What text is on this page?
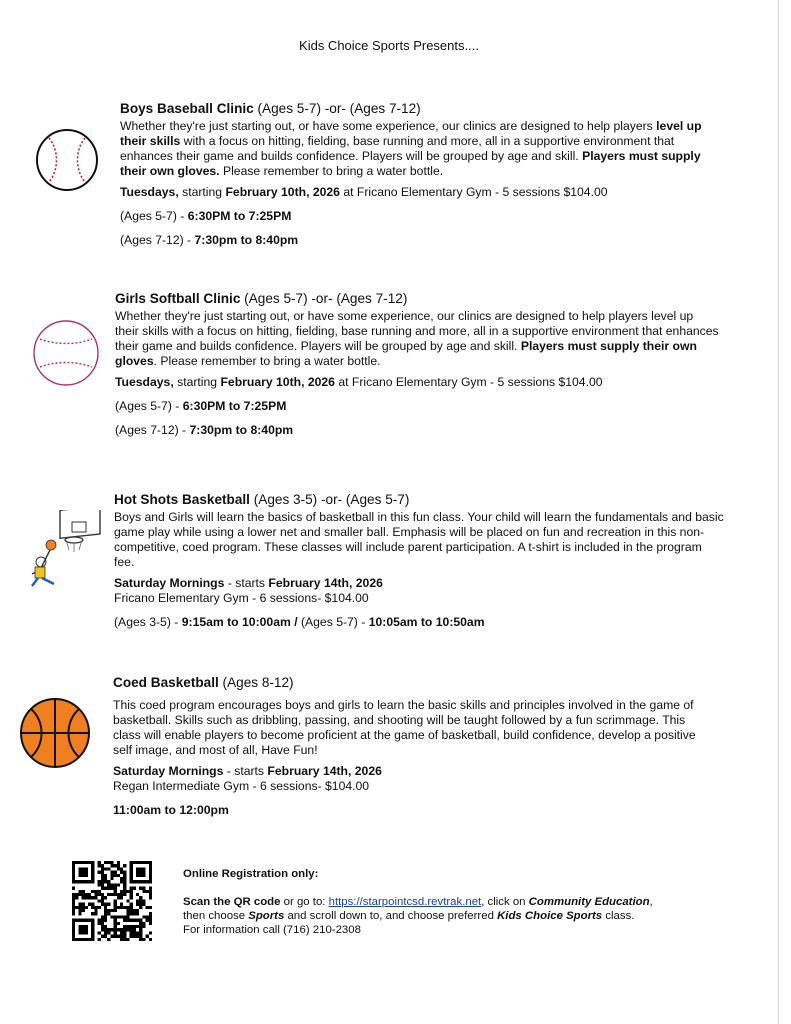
Kids Choice Sports Presents....
Boys Baseball Clinic (Ages 5-7) -or- (Ages 7-12)

Whether they're just starting out, or have some experience, our clinics are designed to help players level up their skills with a focus on hitting, fielding, base running and more, all in a supportive environment that enhances their game and builds confidence. Players will be grouped by age and skill. Players must supply their own gloves. Please remember to bring a water bottle.

Tuesdays, starting February 10th, 2026 at Fricano Elementary Gym - 5 sessions $104.00

(Ages 5-7) - 6:30PM to 7:25PM

(Ages 7-12) - 7:30pm to 8:40pm

Girls Softball Clinic (Ages 5-7) -or- (Ages 7-12)

Whether they're just starting out, or have some experience, our clinics are designed to help players level up their skills with a focus on hitting, fielding, base running and more, all in a supportive environment that enhances their game and builds confidence. Players will be grouped by age and skill. Players must supply their own gloves. Please remember to bring a water bottle.

Tuesdays, starting February 10th, 2026 at Fricano Elementary Gym - 5 sessions $104.00

(Ages 5-7) - 6:30PM to 7:25PM

(Ages 7-12) - 7:30pm to 8:40pm

Hot Shots Basketball (Ages 3-5) -or- (Ages 5-7)

Boys and Girls will learn the basics of basketball in this fun class. Your child will learn the fundamentals and basic game play while using a lower net and smaller ball. Emphasis will be placed on fun and recreation in this non-competitive, coed program. These classes will include parent participation. A t-shirt is included in the program fee.

Saturday Mornings - starts February 14th, 2026

Fricano Elementary Gym - 6 sessions- $104.00

(Ages 3-5) - 9:15am to 10:00am / (Ages 5-7) - 10:05am to 10:50am

Coed Basketball (Ages 8-12)

This coed program encourages boys and girls to learn the basic skills and principles involved in the game of basketball. Skills such as dribbling, passing, and shooting will be taught followed by a fun scrimmage. This class will enable players to become proficient at the game of basketball, build confidence, develop a positive self image, and most of all, Have Fun!

Saturday Mornings - starts February 14th, 2026

Regan Intermediate Gym - 6 sessions- $104.00

11:00am to 12:00pm

Online Registration only:
Scan the QR code or go to: https://starpointcsd.revtrak.net, click on Community Education,
then choose Sports and scroll down to, and choose preferred Kids Choice Sports class.
For information call (716) 210-2308
